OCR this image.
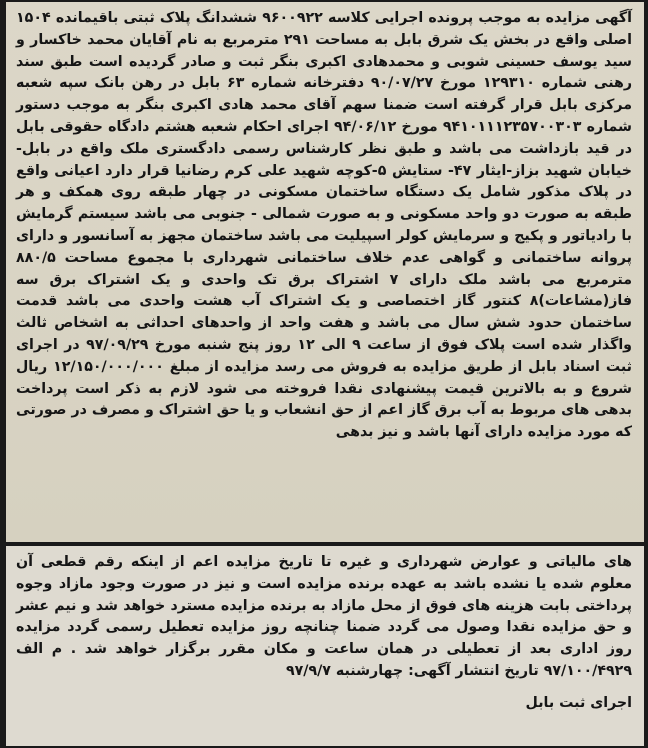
آگهی مزایده به موجب پرونده اجرایی کلاسه ۹۶۰۰۹۲۲ ششدانگ پلاک ثبتی باقیمانده ۱۵۰۴ اصلی واقع در بخش یک شرق بابل به مساحت ۲۹۱ مترمربع به نام آقایان محمد خاکسار و سید یوسف حسینی شوبی و محمدهادی اکبری بنگر ثبت و صادر گردیده است طبق سند رهنی شماره ۱۲۹۳۱۰ مورخ ۹۰/۰۷/۲۷ دفترخانه شماره ۶۳ بابل در رهن بانک سپه شعبه مرکزی بابل قرار گرفته است ضمنا سهم آقای محمد هادی اکبری بنگر به موجب دستور شماره ۹۴۱۰۱۱۱۲۳۵۷۰۰۳۰۳ مورخ ۹۴/۰۶/۱۲ اجرای احکام شعبه هشتم دادگاه حقوقی بابل در قید بازداشت می باشد و طبق نظر کارشناس رسمی دادگستری ملک واقع در بابل- خیابان شهید بزاز-ایثار ۴۷- ستایش ۵-کوچه شهید علی کرم رضانیا قرار دارد اعیانی واقع در پلاک مذکور شامل یک دستگاه ساختمان مسکونی در چهار طبقه روی همکف و هر طبقه به صورت دو واحد مسکونی و به صورت شمالی - جنوبی می باشد سیستم گرمایش با رادیاتور و پکیج و سرمایش کولر اسپیلیت می باشد ساختمان مجهز به آسانسور و دارای پروانه ساختمانی و گواهی عدم خلاف ساختمانی شهرداری با مجموع مساحت ۸۸۰/۵ مترمربع می باشد ملک دارای ۷ اشتراک برق تک واحدی و یک اشتراک برق سه فاز(مشاعات)۸ کنتور گاز اختصاصی و یک اشتراک آب هشت واحدی می باشد قدمت ساختمان حدود شش سال می باشد و هفت واحد از واحدهای احداثی به اشخاص ثالث واگذار شده است پلاک فوق از ساعت ۹ الی ۱۲ روز پنج شنبه مورخ ۹۷/۰۹/۲۹ در اجرای ثبت اسناد بابل از طریق مزایده به فروش می رسد مزایده از مبلغ ۱۲/۱۵۰/۰۰۰/۰۰۰ ریال شروع و به بالاترین قیمت پیشنهادی نقدا فروخته می شود لازم به ذکر است پرداخت بدهی های مربوط به آب برق گاز اعم از حق انشعاب و یا حق اشتراک و مصرف در صورتی که مورد مزایده دارای آنها باشد و نیز بدهی

های مالیاتی و عوارض شهرداری و غیره تا تاریخ مزایده اعم از اینکه رقم قطعی آن معلوم شده یا نشده باشد به عهده برنده مزایده است و نیز در صورت وجود مازاد وجوه پرداختی بابت هزینه های فوق از محل مازاد به برنده مزایده مسترد خواهد شد و نیم عشر و حق مزایده نقدا وصول می گردد ضمنا چنانچه روز مزایده تعطیل رسمی گردد مزایده روز اداری بعد از تعطیلی در همان ساعت و مکان مقرر برگزار خواهد شد . م الف ۹۷/۱۰۰/۴۹۲۹ تاریخ انتشار آگهی: چهارشنبه ۹۷/۹/۷

اجرای ثبت بابل
